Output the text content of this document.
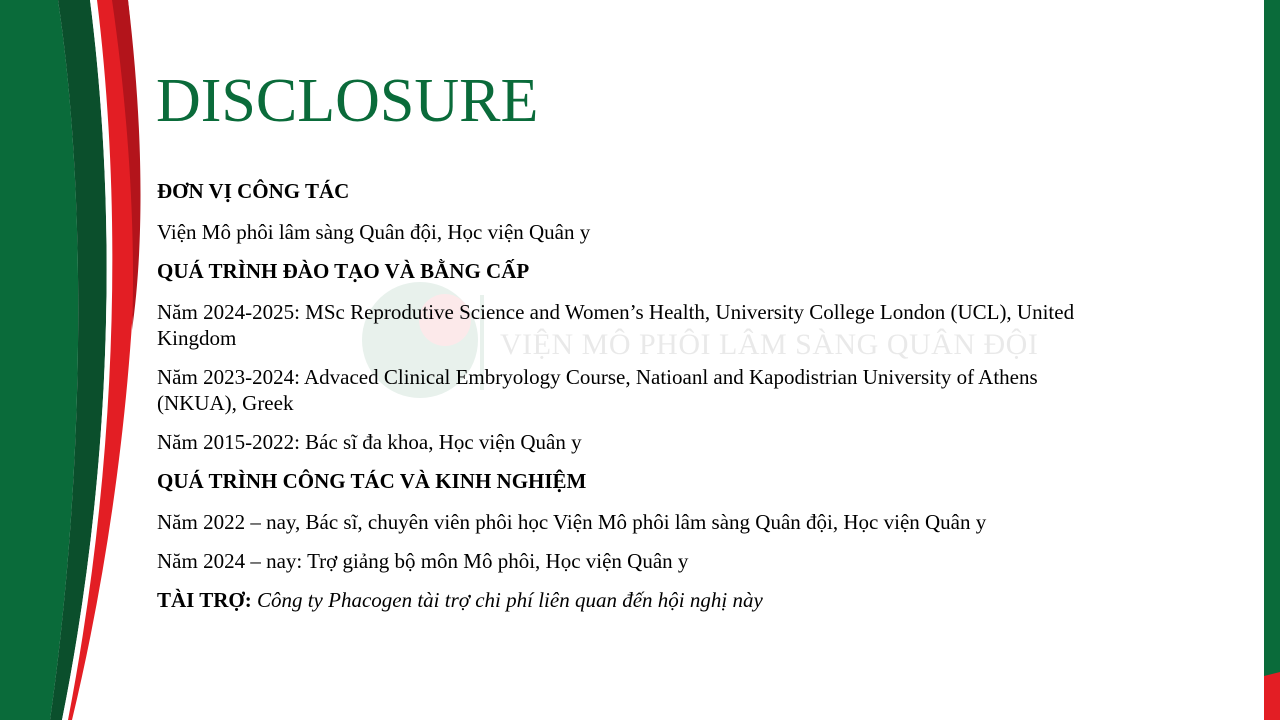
VIỆN MÔ PHÔI LÂM SÀNG QUÂN ĐỘI
DISCLOSURE

ĐƠN VỊ CÔNG TÁC

Viện Mô phôi lâm sàng Quân đội, Học viện Quân y

QUÁ TRÌNH ĐÀO TẠO VÀ BẰNG CẤP

Năm 2024-2025: MSc Reprodutive Science and Women’s Health, University College London (UCL), United Kingdom

Năm 2023-2024: Advaced Clinical Embryology Course, Natioanl and Kapodistrian University of Athens (NKUA), Greek

Năm 2015-2022: Bác sĩ đa khoa, Học viện Quân y

QUÁ TRÌNH CÔNG TÁC VÀ KINH NGHIỆM

Năm 2022 – nay, Bác sĩ, chuyên viên phôi học Viện Mô phôi lâm sàng Quân đội, Học viện Quân y

Năm 2024 – nay: Trợ giảng bộ môn Mô phôi, Học viện Quân y

TÀI TRỢ: Công ty Phacogen tài trợ chi phí liên quan đến hội nghị này
